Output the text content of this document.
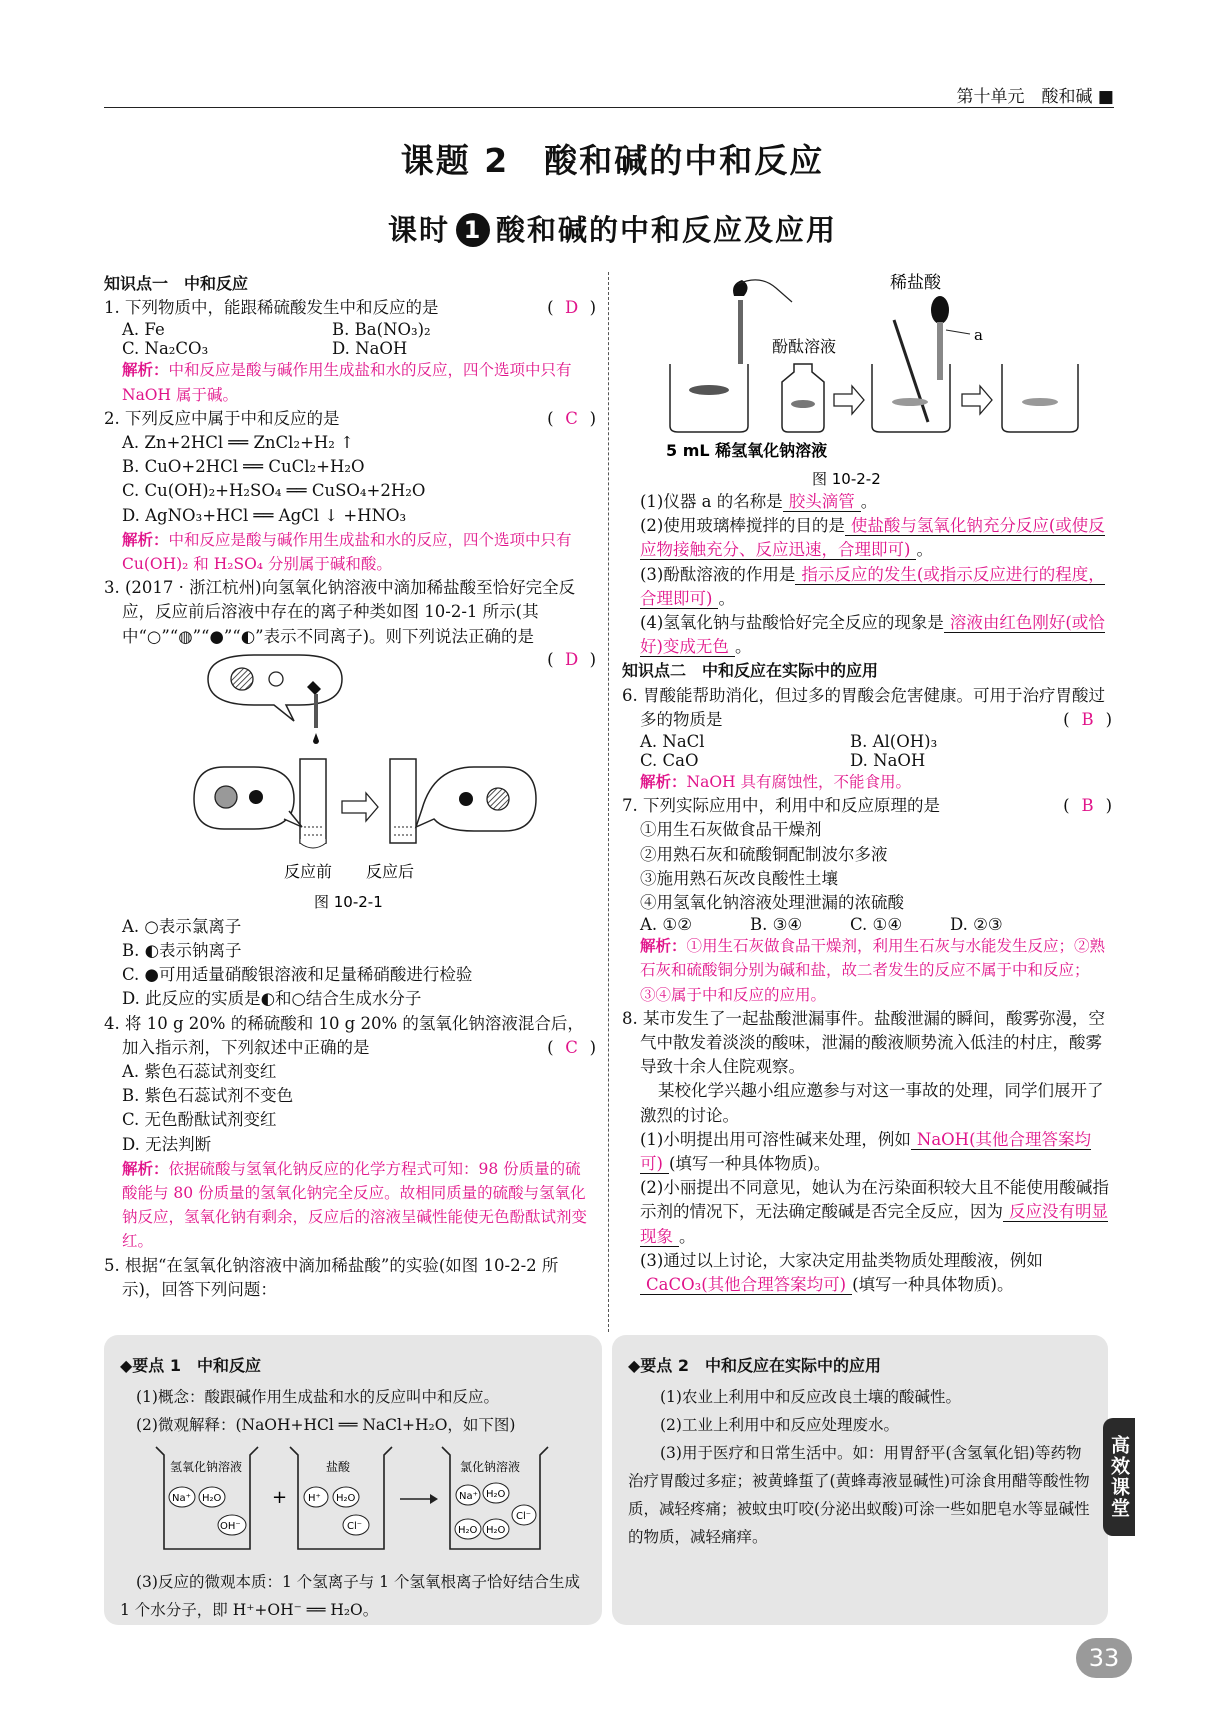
第十单元　酸和碱 ■
课题 2　酸和碱的中和反应
课时 1 酸和碱的中和反应及应用

知识点一　中和反应

1. 下列物质中，能跟稀硫酸发生中和反应的是	( D )

A. Fe	B. Ba(NO₃)₂
C. Na₂CO₃	D. NaOH

解析：中和反应是酸与碱作用生成盐和水的反应，四个选项中只有 NaOH 属于碱。

2. 下列反应中属于中和反应的是	( C )

A. Zn+2HCl ══ ZnCl₂+H₂ ↑

B. CuO+2HCl ══ CuCl₂+H₂O

C. Cu(OH)₂+H₂SO₄ ══ CuSO₄+2H₂O

D. AgNO₃+HCl ══ AgCl ↓ +HNO₃

解析：中和反应是酸与碱作用生成盐和水的反应，四个选项中只有 Cu(OH)₂ 和 H₂SO₄ 分别属于碱和酸。

3. (2017 · 浙江杭州)向氢氧化钠溶液中滴加稀盐酸至恰好完全反应，反应前后溶液中存在的离子种类如图 10-2-1 所示(其中“○”“◍”“●”“◐”表示不同离子)。则下列说法正确的是
( D )

反应前 反应后
图 10-2-1

A. ○表示氯离子

B. ◐表示钠离子

C. ●可用适量硝酸银溶液和足量稀硝酸进行检验

D. 此反应的实质是◐和○结合生成水分子

4. 将 10 g 20% 的稀硫酸和 10 g 20% 的氢氧化钠溶液混合后，加入指示剂，下列叙述中正确的是	( C )

A. 紫色石蕊试剂变红

B. 紫色石蕊试剂不变色

C. 无色酚酞试剂变红

D. 无法判断

解析：依据硫酸与氢氧化钠反应的化学方程式可知：98 份质量的硫酸能与 80 份质量的氢氧化钠完全反应。故相同质量的硫酸与氢氧化钠反应，氢氧化钠有剩余，反应后的溶液呈碱性能使无色酚酞试剂变红。

5. 根据“在氢氧化钠溶液中滴加稀盐酸”的实验(如图 10-2-2 所示)，回答下列问题：

稀盐酸
酚酞溶液
a
5 mL 稀氢氧化钠溶液
图 10-2-2

(1)仪器 a 的名称是 胶头滴管 。

(2)使用玻璃棒搅拌的目的是 使盐酸与氢氧化钠充分反应(或使反应物接触充分、反应迅速，合理即可) 。

(3)酚酞溶液的作用是 指示反应的发生(或指示反应进行的程度，合理即可) 。

(4)氢氧化钠与盐酸恰好完全反应的现象是 溶液由红色刚好(或恰好)变成无色 。

知识点二　中和反应在实际中的应用

6. 胃酸能帮助消化，但过多的胃酸会危害健康。可用于治疗胃酸过多的物质是	( B )

A. NaCl	B. Al(OH)₃
C. CaO	D. NaOH

解析：NaOH 具有腐蚀性，不能食用。

7. 下列实际应用中，利用中和反应原理的是	( B )

①用生石灰做食品干燥剂

②用熟石灰和硫酸铜配制波尔多液

③施用熟石灰改良酸性土壤

④用氢氧化钠溶液处理泄漏的浓硫酸

A. ①②	B. ③④	C. ①④	D. ②③

解析：①用生石灰做食品干燥剂，利用生石灰与水能发生反应；②熟石灰和硫酸铜分别为碱和盐，故二者发生的反应不属于中和反应；③④属于中和反应的应用。

8. 某市发生了一起盐酸泄漏事件。盐酸泄漏的瞬间，酸雾弥漫，空气中散发着淡淡的酸味，泄漏的酸液顺势流入低洼的村庄，酸雾导致十余人住院观察。

某校化学兴趣小组应邀参与对这一事故的处理，同学们展开了激烈的讨论。

(1)小明提出用可溶性碱来处理，例如 NaOH(其他合理答案均可) (填写一种具体物质)。

(2)小丽提出不同意见，她认为在污染面积较大且不能使用酸碱指示剂的情况下，无法确定酸碱是否完全反应，因为 反应没有明显现象 。

(3)通过以上讨论，大家决定用盐类物质处理酸液，例如CaCO₃(其他合理答案均可) (填写一种具体物质)。

◆要点 1　中和反应

(1)概念：酸跟碱作用生成盐和水的反应叫中和反应。

(2)微观解释：(NaOH+HCl ══ NaCl+H₂O，如下图)

氢氧化钠溶液
Na⁺ H₂O
OH⁻
+
盐酸
H⁺ H₂O
Cl⁻
氯化钠溶液
Na⁺ H₂O
Cl⁻
H₂O H₂O

(3)反应的微观本质：1 个氢离子与 1 个氢氧根离子恰好结合生成 1 个水分子，即 H⁺+OH⁻ ══ H₂O。

◆要点 2　中和反应在实际中的应用

(1)农业上利用中和反应改良土壤的酸碱性。

(2)工业上利用中和反应处理废水。

(3)用于医疗和日常生活中。如：用胃舒平(含氢氧化铝)等药物治疗胃酸过多症；被黄蜂蜇了(黄蜂毒液显碱性)可涂食用醋等酸性物质，减轻疼痛；被蚊虫叮咬(分泌出蚁酸)可涂一些如肥皂水等显碱性的物质，减轻痛痒。

高效课堂
33
